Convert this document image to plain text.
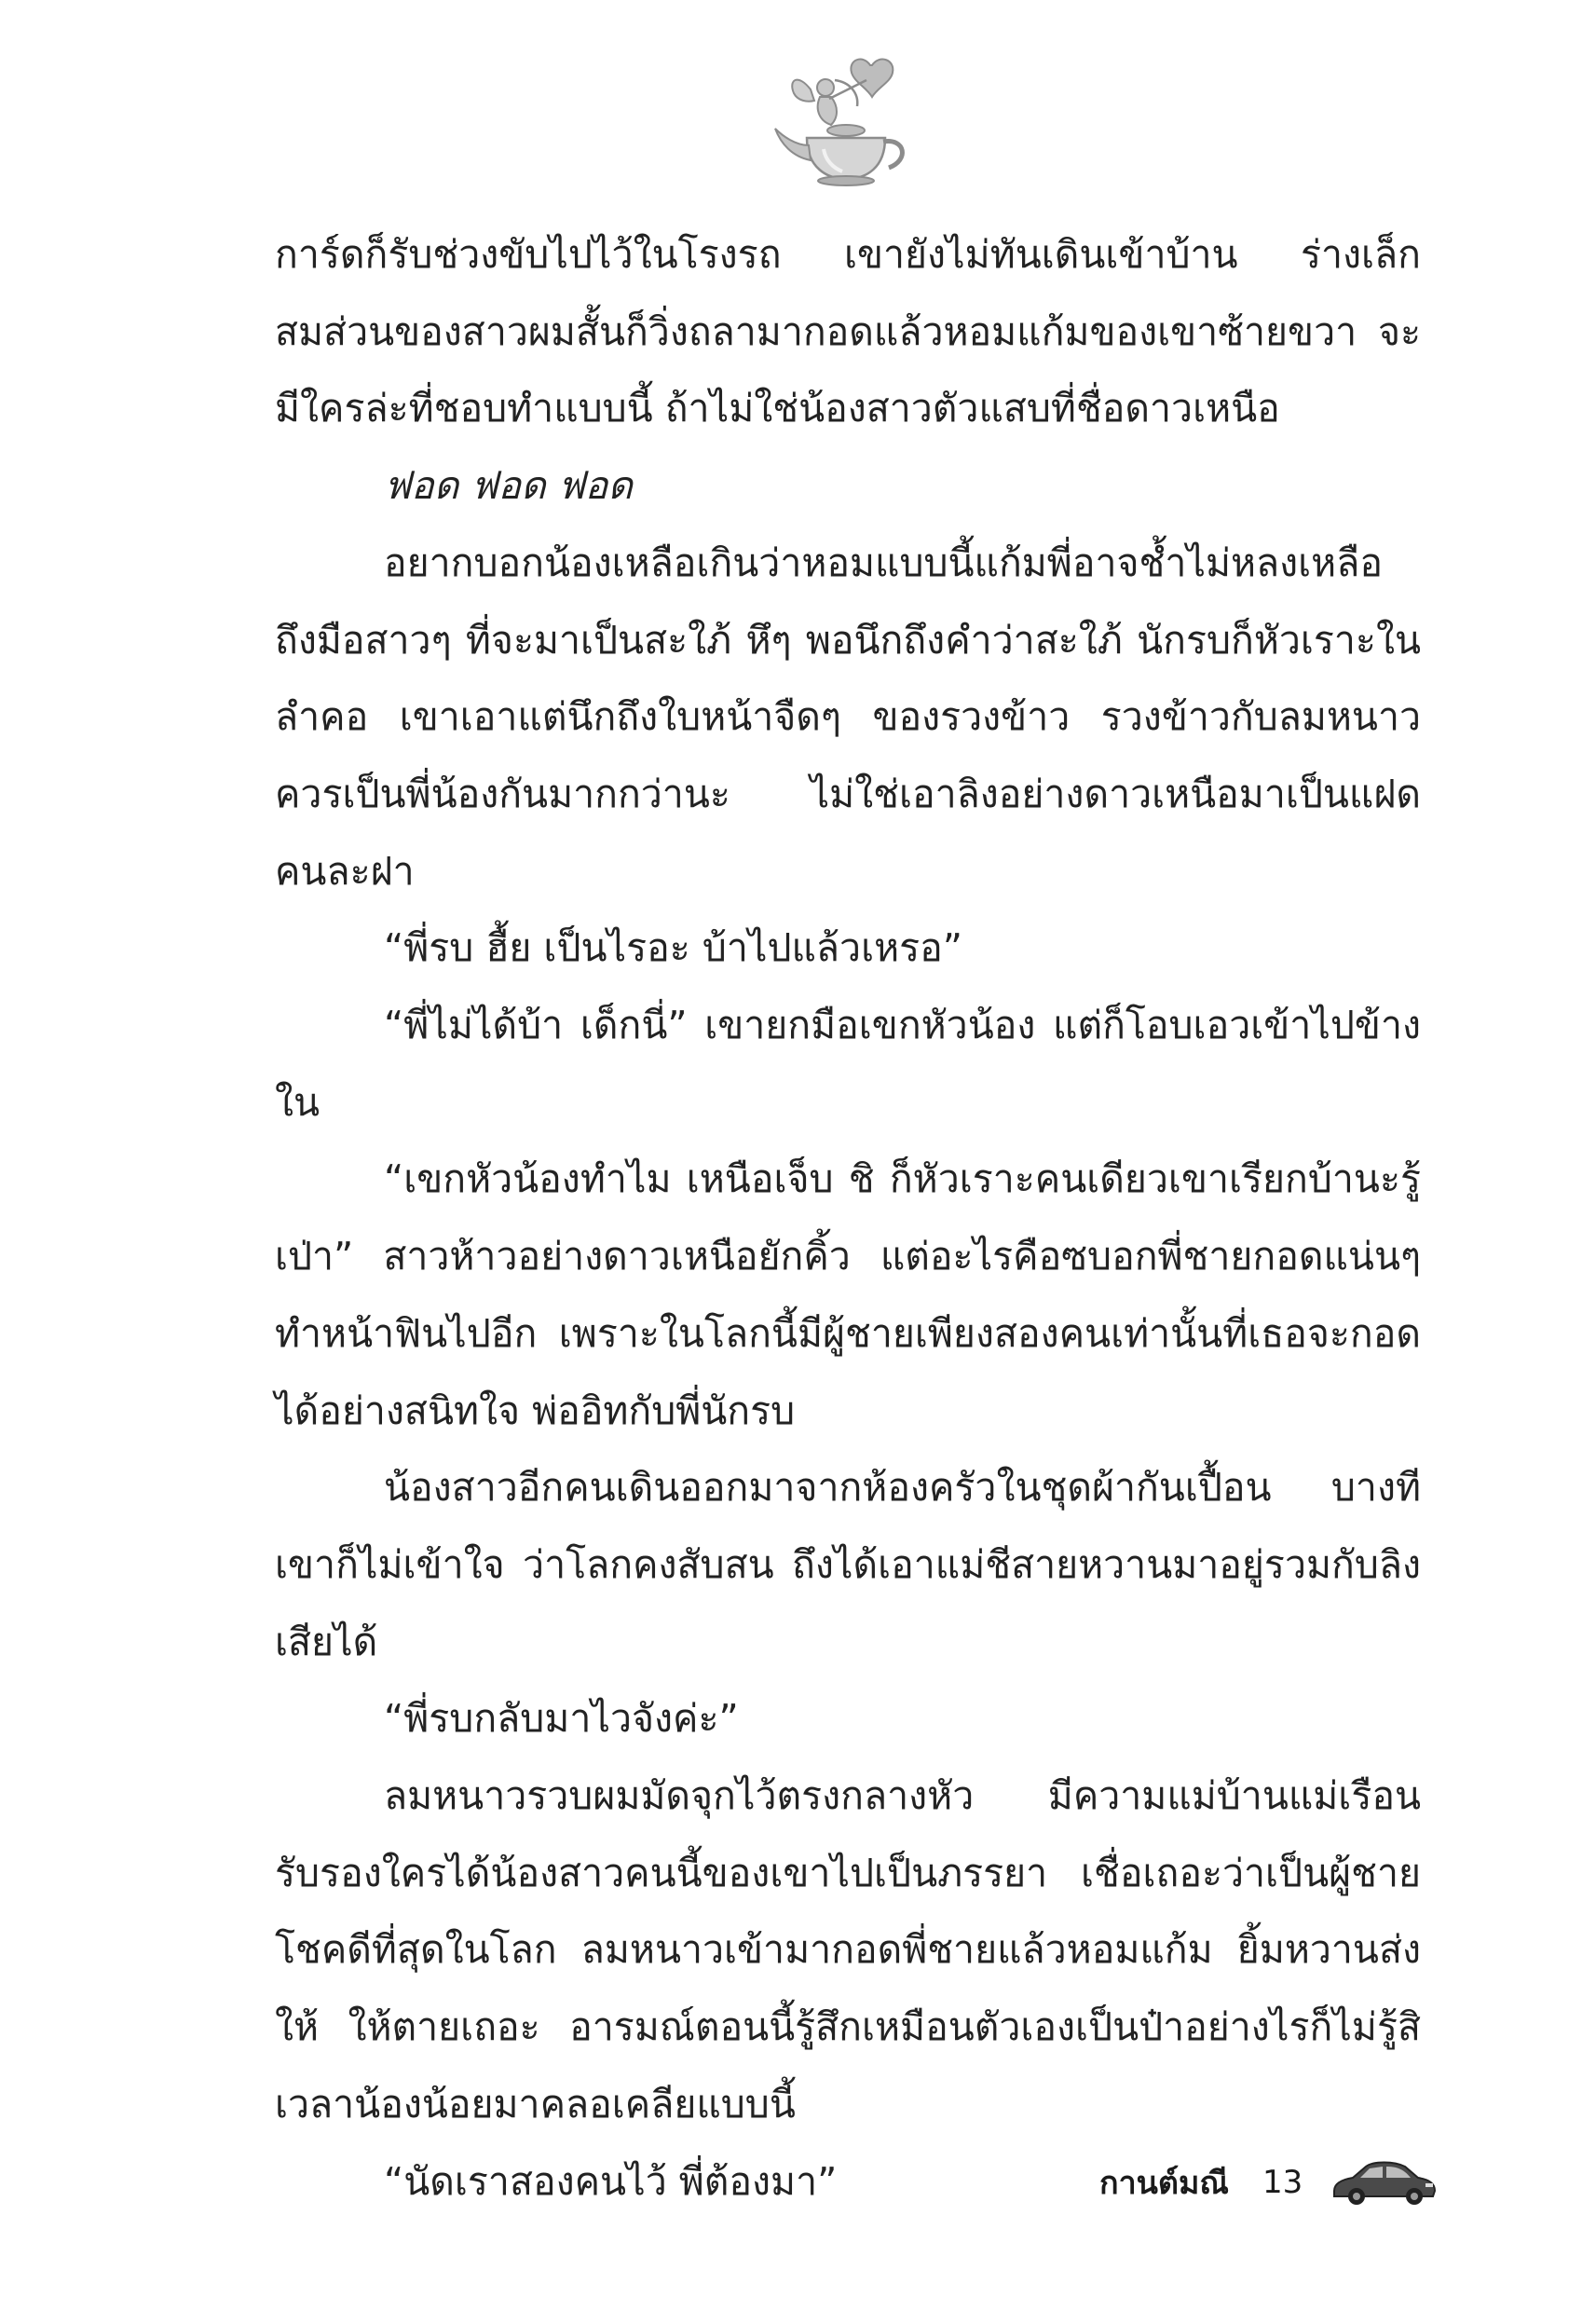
การ์ดก็รับช่วงขับไปไว้ในโรงรถ เขายังไม่ทันเดินเข้าบ้าน ร่างเล็กสมส่วนของสาวผมสั้นก็วิ่งถลามากอดแล้วหอมแก้มของเขาซ้ายขวา จะมีใครล่ะที่ชอบทำแบบนี้ ถ้าไม่ใช่น้องสาวตัวแสบที่ชื่อดาวเหนือ

ฟอด ฟอด ฟอด

อยากบอกน้องเหลือเกินว่าหอมแบบนี้แก้มพี่อาจช้ำไม่หลงเหลือถึงมือสาวๆ ที่จะมาเป็นสะใภ้ หึๆ พอนึกถึงคำว่าสะใภ้ นักรบก็หัวเราะในลำคอ เขาเอาแต่นึกถึงใบหน้าจืดๆ ของรวงข้าว รวงข้าวกับลมหนาวควรเป็นพี่น้องกันมากกว่านะ ไม่ใช่เอาลิงอย่างดาวเหนือมาเป็นแฝดคนละฝา

“พี่รบ ฮื้ย เป็นไรอะ บ้าไปแล้วเหรอ”

“พี่ไม่ได้บ้า เด็กนี่” เขายกมือเขกหัวน้อง แต่ก็โอบเอวเข้าไปข้างใน

“เขกหัวน้องทำไม เหนือเจ็บ ชิ ก็หัวเราะคนเดียวเขาเรียกบ้านะรู้เป่า” สาวห้าวอย่างดาวเหนือยักคิ้ว แต่อะไรคือซบอกพี่ชายกอดแน่นๆทำหน้าฟินไปอีก เพราะในโลกนี้มีผู้ชายเพียงสองคนเท่านั้นที่เธอจะกอดได้อย่างสนิทใจ พ่ออิทกับพี่นักรบ

น้องสาวอีกคนเดินออกมาจากห้องครัวในชุดผ้ากันเปื้อน บางทีเขาก็ไม่เข้าใจ ว่าโลกคงสับสน ถึงได้เอาแม่ชีสายหวานมาอยู่รวมกับลิงเสียได้

“พี่รบกลับมาไวจังค่ะ”

ลมหนาวรวบผมมัดจุกไว้ตรงกลางหัว มีความแม่บ้านแม่เรือนรับรองใครได้น้องสาวคนนี้ของเขาไปเป็นภรรยา เชื่อเถอะว่าเป็นผู้ชายโชคดีที่สุดในโลก ลมหนาวเข้ามากอดพี่ชายแล้วหอมแก้ม ยิ้มหวานส่งให้ ให้ตายเถอะ อารมณ์ตอนนี้รู้สึกเหมือนตัวเองเป็นป๋าอย่างไรก็ไม่รู้สิ เวลาน้องน้อยมาคลอเคลียแบบนี้

“นัดเราสองคนไว้ พี่ต้องมา”	กานต์มณี 13
